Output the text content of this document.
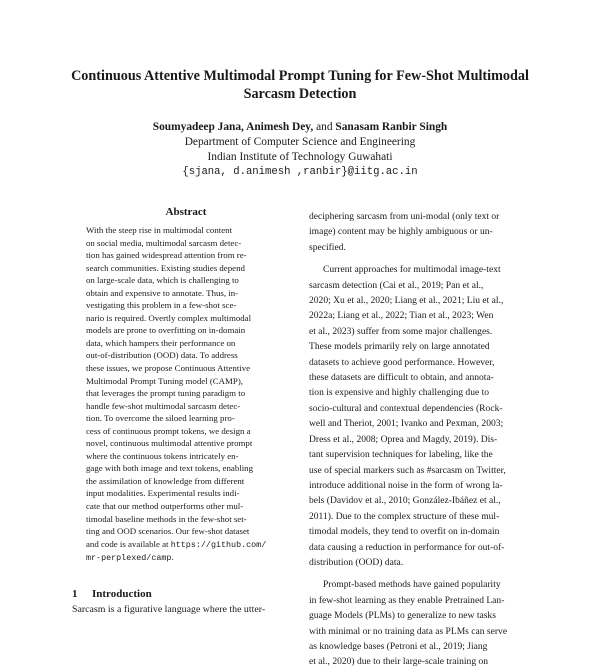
Continuous Attentive Multimodal Prompt Tuning for Few-Shot Multimodal
Sarcasm Detection
Soumyadeep Jana, Animesh Dey, and Sanasam Ranbir Singh
Department of Computer Science and Engineering
Indian Institute of Technology Guwahati
{sjana, d.animesh ,ranbir}@iitg.ac.in
Abstract
With the steep rise in multimodal content
on social media, multimodal sarcasm detec-
tion has gained widespread attention from re-
search communities. Existing studies depend
on large-scale data, which is challenging to
obtain and expensive to annotate. Thus, in-
vestigating this problem in a few-shot sce-
nario is required. Overtly complex multimodal
models are prone to overfitting on in-domain
data, which hampers their performance on
out-of-distribution (OOD) data. To address
these issues, we propose Continuous Attentive
Multimodal Prompt Tuning model (CAMP),
that leverages the prompt tuning paradigm to
handle few-shot multimodal sarcasm detec-
tion. To overcome the siloed learning pro-
cess of continuous prompt tokens, we design a
novel, continuous multimodal attentive prompt
where the continuous tokens intricately en-
gage with both image and text tokens, enabling
the assimilation of knowledge from different
input modalities. Experimental results indi-
cate that our method outperforms other mul-
timodal baseline methods in the few-shot set-
ting and OOD scenarios. Our few-shot dataset
and code is available at https://github.com/
mr-perplexed/camp.
1 Introduction
Sarcasm is a figurative language where the utter-
deciphering sarcasm from uni-modal (only text or
image) content may be highly ambiguous or un-
specified.
Current approaches for multimodal image-text
sarcasm detection (Cai et al., 2019; Pan et al.,
2020; Xu et al., 2020; Liang et al., 2021; Liu et al.,
2022a; Liang et al., 2022; Tian et al., 2023; Wen
et al., 2023) suffer from some major challenges.
These models primarily rely on large annotated
datasets to achieve good performance. However,
these datasets are difficult to obtain, and annota-
tion is expensive and highly challenging due to
socio-cultural and contextual dependencies (Rock-
well and Theriot, 2001; Ivanko and Pexman, 2003;
Dress et al., 2008; Oprea and Magdy, 2019). Dis-
tant supervision techniques for labeling, like the
use of special markers such as #sarcasm on Twitter,
introduce additional noise in the form of wrong la-
bels (Davidov et al., 2010; González-Ibáñez et al.,
2011). Due to the complex structure of these mul-
timodal models, they tend to overfit on in-domain
data causing a reduction in performance for out-of-
distribution (OOD) data.
Prompt-based methods have gained popularity
in few-shot learning as they enable Pretrained Lan-
guage Models (PLMs) to generalize to new tasks
with minimal or no training data as PLMs can serve
as knowledge bases (Petroni et al., 2019; Jiang
et al., 2020) due to their large-scale training on
